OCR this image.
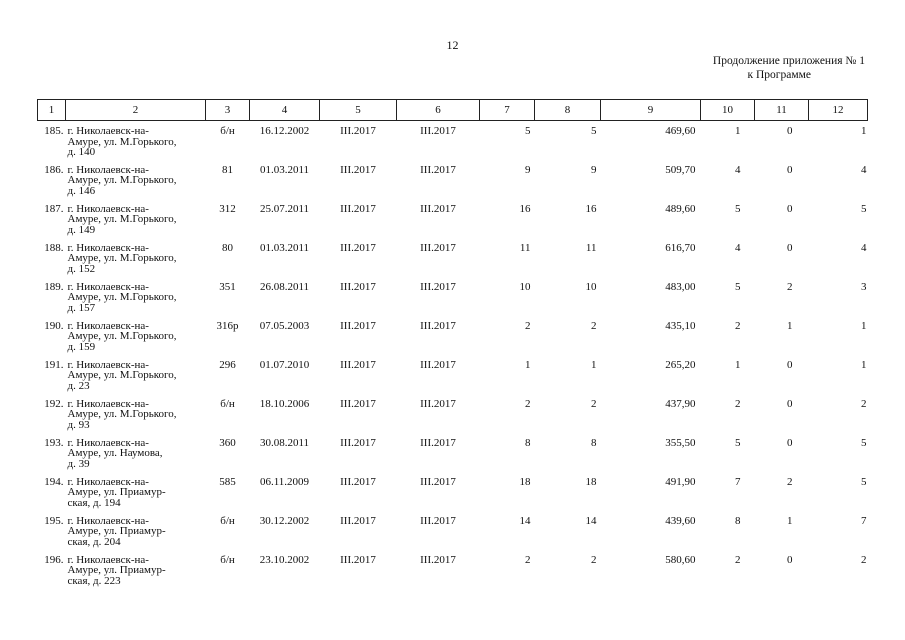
12
Продолжение приложения № 1
к Программе
1	2	3	4	5	6	7	8	9	10	11	12
185.	г. Николаевск-на-
Амуре, ул. М.Горького,
д. 140	б/н	16.12.2002	III.2017	III.2017	5	5	469,60	1	0	1
186.	г. Николаевск-на-
Амуре, ул. М.Горького,
д. 146	81	01.03.2011	III.2017	III.2017	9	9	509,70	4	0	4
187.	г. Николаевск-на-
Амуре, ул. М.Горького,
д. 149	312	25.07.2011	III.2017	III.2017	16	16	489,60	5	0	5
188.	г. Николаевск-на-
Амуре, ул. М.Горького,
д. 152	80	01.03.2011	III.2017	III.2017	11	11	616,70	4	0	4
189.	г. Николаевск-на-
Амуре, ул. М.Горького,
д. 157	351	26.08.2011	III.2017	III.2017	10	10	483,00	5	2	3
190.	г. Николаевск-на-
Амуре, ул. М.Горького,
д. 159	316р	07.05.2003	III.2017	III.2017	2	2	435,10	2	1	1
191.	г. Николаевск-на-
Амуре, ул. М.Горького,
д. 23	296	01.07.2010	III.2017	III.2017	1	1	265,20	1	0	1
192.	г. Николаевск-на-
Амуре, ул. М.Горького,
д. 93	б/н	18.10.2006	III.2017	III.2017	2	2	437,90	2	0	2
193.	г. Николаевск-на-
Амуре, ул. Наумова,
д. 39	360	30.08.2011	III.2017	III.2017	8	8	355,50	5	0	5
194.	г. Николаевск-на-
Амуре, ул. Приамур-
ская, д. 194	585	06.11.2009	III.2017	III.2017	18	18	491,90	7	2	5
195.	г. Николаевск-на-
Амуре, ул. Приамур-
ская, д. 204	б/н	30.12.2002	III.2017	III.2017	14	14	439,60	8	1	7
196.	г. Николаевск-на-
Амуре, ул. Приамур-
ская, д. 223	б/н	23.10.2002	III.2017	III.2017	2	2	580,60	2	0	2
